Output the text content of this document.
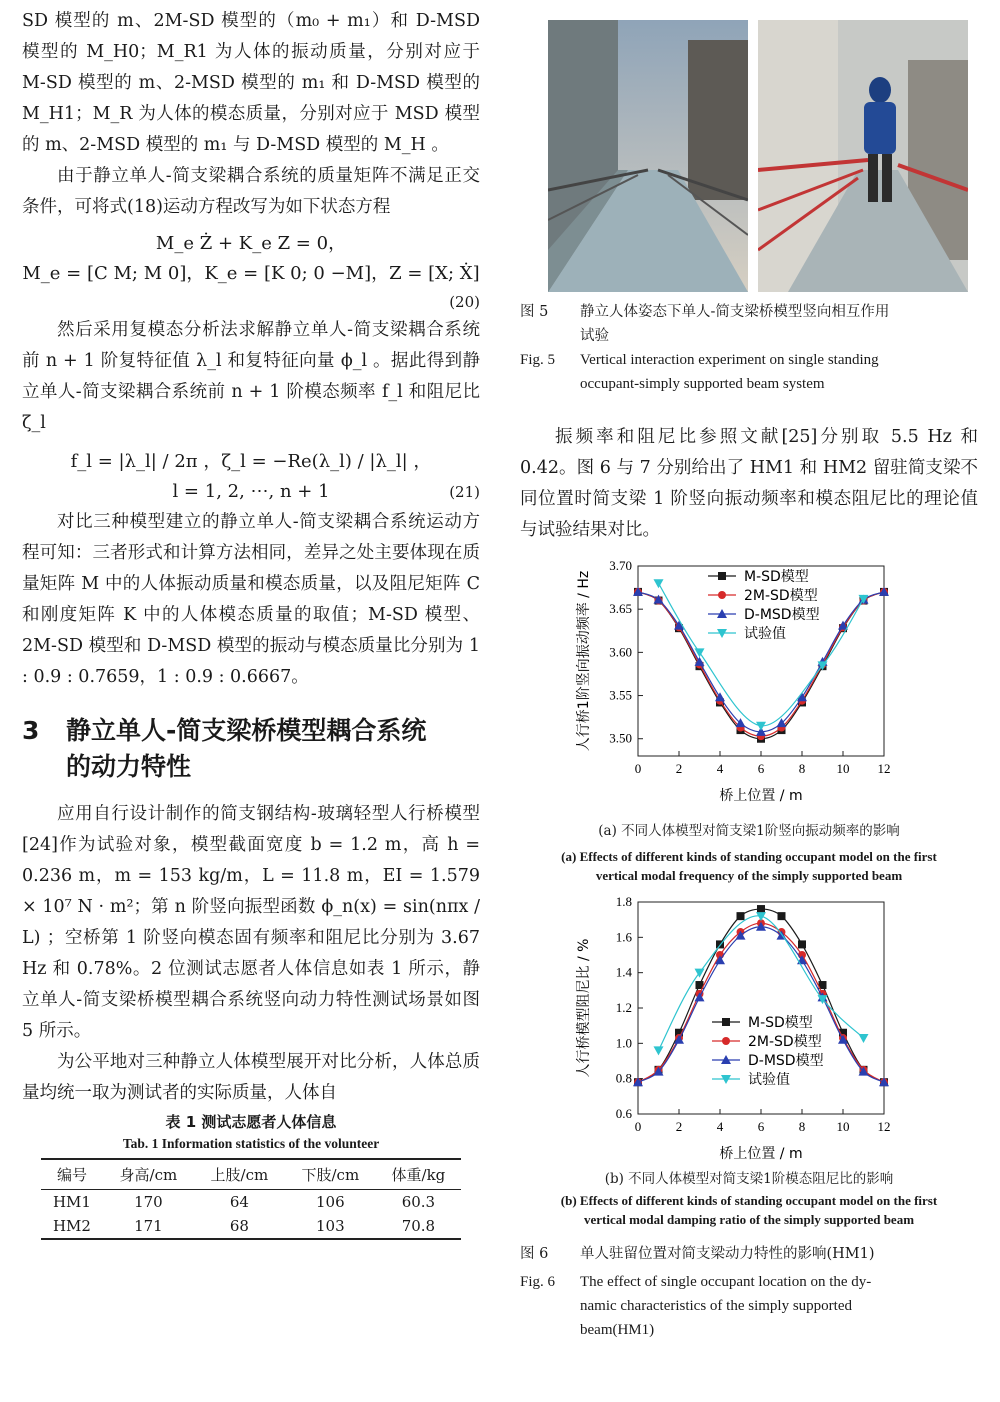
SD 模型的 m、2M-SD 模型的（m₀ + m₁）和 D-MSD 模型的 M_H0；M_R1 为人体的振动质量，分别对应于 M-SD 模型的 m、2-MSD 模型的 m₁ 和 D-MSD 模型的 M_H1；M_R 为人体的模态质量，分别对应于 MSD 模型的 m、2-MSD 模型的 m₁ 与 D-MSD 模型的 M_H 。

由于静立单人-简支梁耦合系统的质量矩阵不满足正交条件，可将式(18)运动方程改写为如下状态方程

M_e Ż + K_e Z = 0，

M_e = [C M; M 0]，K_e = [K 0; 0 −M]，Z = [X; Ẋ]

(20)

然后采用复模态分析法求解静立单人-简支梁耦合系统前 n + 1 阶复特征值 λ_l 和复特征向量 ϕ_l 。据此得到静立单人-简支梁耦合系统前 n + 1 阶模态频率 f_l 和阻尼比 ζ_l

f_l = |λ_l| / 2π ，ζ_l = −Re(λ_l) / |λ_l| ，

l = 1, 2, ⋯, n + 1	(21)

对比三种模型建立的静立单人-简支梁耦合系统运动方程可知：三者形式和计算方法相同，差异之处主要体现在质量矩阵 M 中的人体振动质量和模态质量，以及阻尼矩阵 C 和刚度矩阵 K 中的人体模态质量的取值；M-SD 模型、2M-SD 模型和 D-MSD 模型的振动与模态质量比分别为 1 : 0.9 : 0.7659，1 : 0.9 : 0.6667。

3 静立单人-简支梁桥模型耦合系统
的动力特性

应用自行设计制作的简支钢结构-玻璃轻型人行桥模型[24]作为试验对象，模型截面宽度 b = 1.2 m，高 h = 0.236 m，m = 153 kg/m，L = 11.8 m，EI = 1.579 × 10⁷ N · m²；第 n 阶竖向振型函数 ϕ_n(x) = sin(nπx / L) ；空桥第 1 阶竖向模态固有频率和阻尼比分别为 3.67 Hz 和 0.78%。2 位测试志愿者人体信息如表 1 所示，静立单人-简支梁桥模型耦合系统竖向动力特性测试场景如图 5 所示。

为公平地对三种静立人体模型展开对比分析，人体总质量均统一取为测试者的实际质量，人体自

表 1 测试志愿者人体信息

Tab. 1 Information statistics of the volunteer

编号	身高/cm	上肢/cm	下肢/cm	体重/kg
HM1	170	64	106	60.3
HM2	171	68	103	70.8

图 5 静立人体姿态下单人-简支梁桥模型竖向相互作用
试验

Fig. 5 Vertical interaction experiment on single standing
occupant-simply supported beam system

振频率和阻尼比参照文献[25]分别取 5.5 Hz 和 0.42。图 6 与 7 分别给出了 HM1 和 HM2 留驻简支梁不同位置时简支梁 1 阶竖向振动频率和模态阻尼比的理论值与试验结果对比。

0	2	4	6	8 10 12
3.50
3.55
3.60
3.65
3.70
桥上位置 / m
人行桥1阶竖向振动频率 / Hz	M-SD模型
2M-SD模型
D-MSD模型
试验值

(a) 不同人体模型对简支梁1阶竖向振动频率的影响

(a) Effects of different kinds of standing occupant model on the first

vertical modal frequency of the simply supported beam

0	2	4	6	8 10 12
0.6
0.8
1.0
1.2
1.4
1.6
1.8
桥上位置 / m
人行桥模型阻尼比 / %	M-SD模型
2M-SD模型
D-MSD模型
试验值

(b) 不同人体模型对简支梁1阶模态阻尼比的影响

(b) Effects of different kinds of standing occupant model on the first

vertical modal damping ratio of the simply supported beam

图 6 单人驻留位置对简支梁动力特性的影响(HM1)

Fig. 6 The effect of single occupant location on the dy-
namic characteristics of the simply supported
beam(HM1)
